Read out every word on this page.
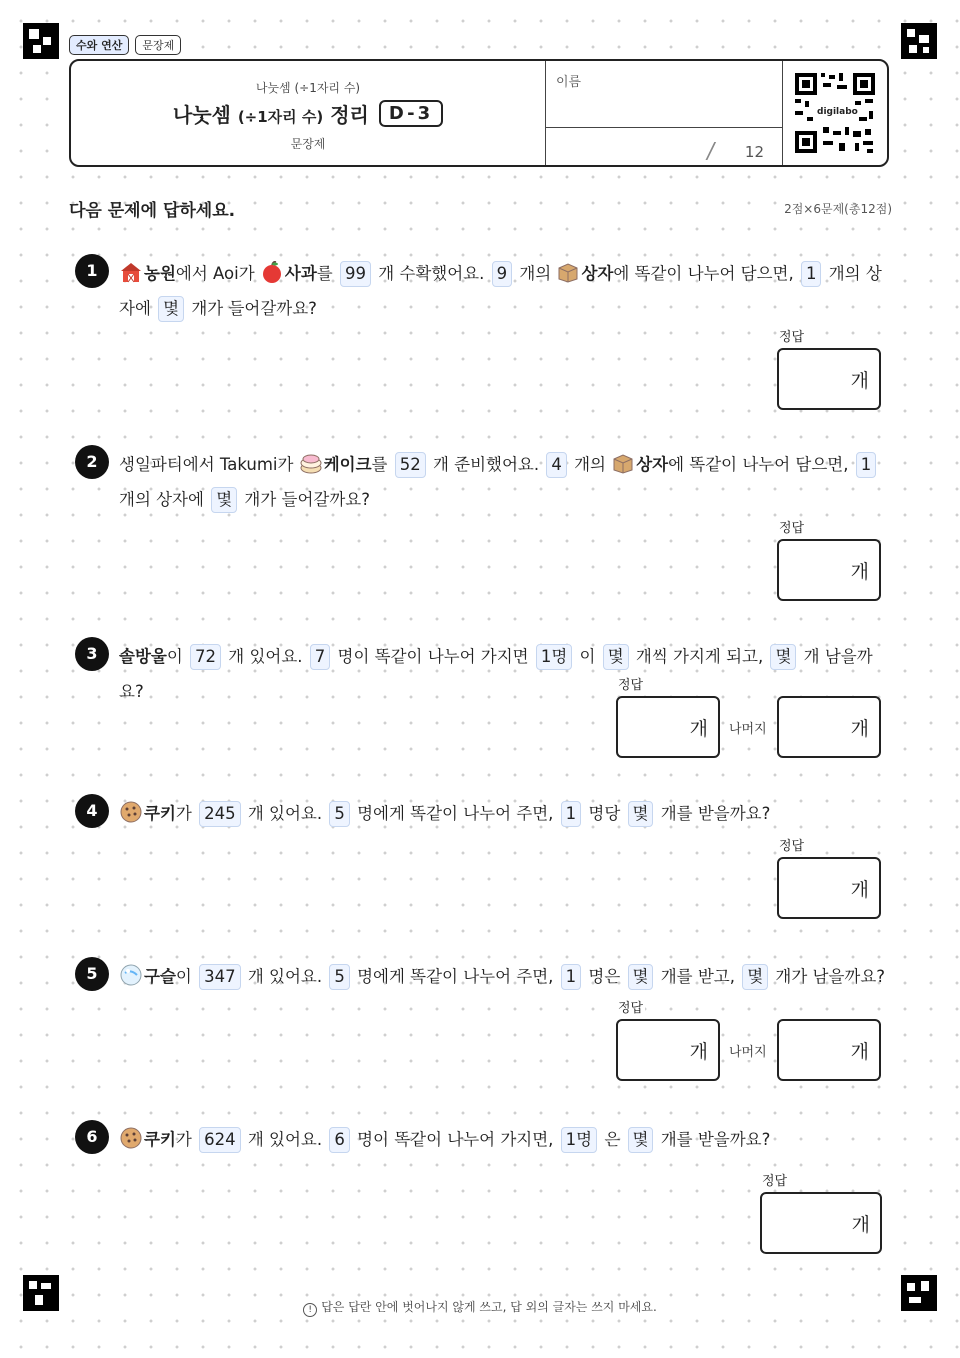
수와 연산	문장제
나눗셈 (÷1자리 수)
나눗셈 (÷1자리 수) 정리	D-3
문장제
이름
/ 12
digilabo
다음 문제에 답하세요.	2점×6문제(총12점)
1	농원에서 Aoi가 사과를 99 개 수확했어요. 9 개의 상자에 똑같이 나누어 담으면, 1 개의 상자에 몇 개가 들어갈까요?
정답
개
2	생일파티에서 Takumi가 케이크를 52 개 준비했어요. 4 개의 상자에 똑같이 나누어 담으면, 1 개의 상자에 몇 개가 들어갈까요?
정답
개
3	솔방울이 72 개 있어요. 7 명이 똑같이 나누어 가지면 1명 이 몇 개씩 가지게 되고, 몇 개 남을까요?	정답
개 나머지	개
4	쿠키가 245 개 있어요. 5 명에게 똑같이 나누어 주면, 1 명당 몇 개를 받을까요?
정답
개
5	구슬이 347 개 있어요. 5 명에게 똑같이 나누어 주면, 1 명은 몇 개를 받고, 몇 개가 남을까요?
정답
개 나머지	개
6	쿠키가 624 개 있어요. 6 명이 똑같이 나누어 가지면, 1명 은 몇 개를 받을까요?
정답
개
! 답은 답란 안에 벗어나지 않게 쓰고, 답 외의 글자는 쓰지 마세요.
